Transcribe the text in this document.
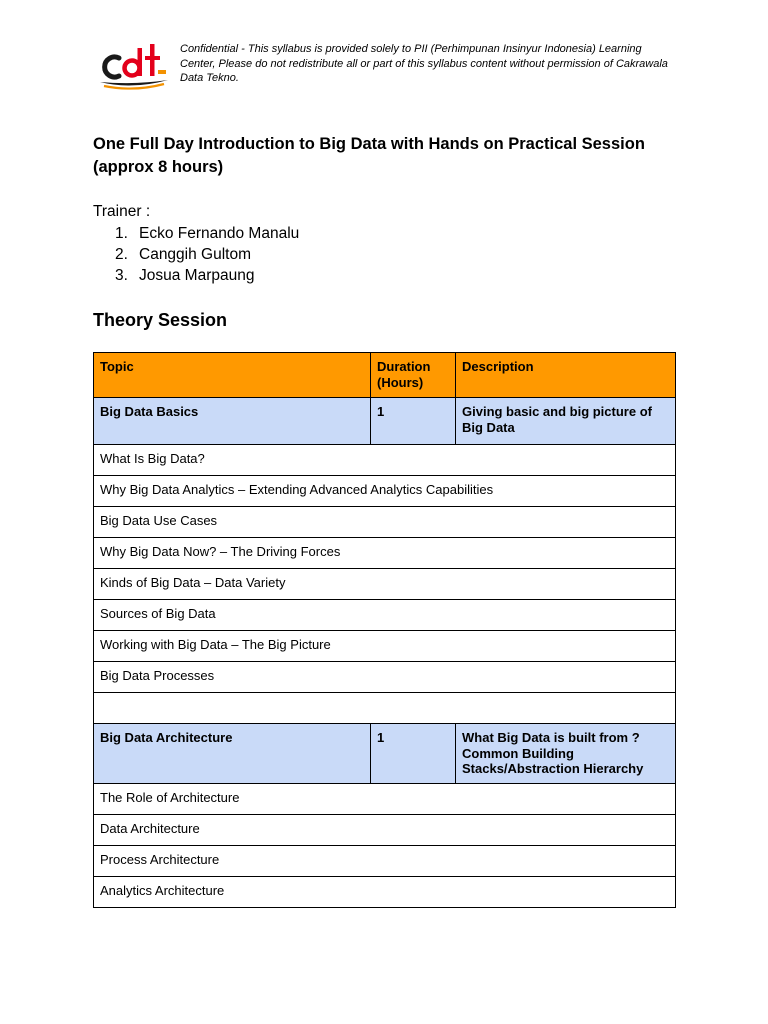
Confidential - This syllabus is provided solely to PII (Perhimpunan Insinyur Indonesia) Learning Center, Please do not redistribute all or part of this syllabus content without permission of Cakrawala Data Tekno.
One Full Day Introduction to Big Data with Hands on Practical Session (approx 8 hours)
Trainer :
1. Ecko Fernando Manalu
2. Canggih Gultom
3. Josua Marpaung
Theory Session
Topic	Duration (Hours)	Description
Big Data Basics	1	Giving basic and big picture of Big Data
What Is Big Data?		
Why Big Data Analytics – Extending Advanced Analytics Capabilities		
Big Data Use Cases		
Why Big Data Now? – The Driving Forces		
Kinds of Big Data – Data Variety		
Sources of Big Data		
Working with Big Data – The Big Picture		
Big Data Processes		

Big Data Architecture	1	What Big Data is built from ? Common Building Stacks/Abstraction Hierarchy
The Role of Architecture		
Data Architecture		
Process Architecture		
Analytics Architecture		
